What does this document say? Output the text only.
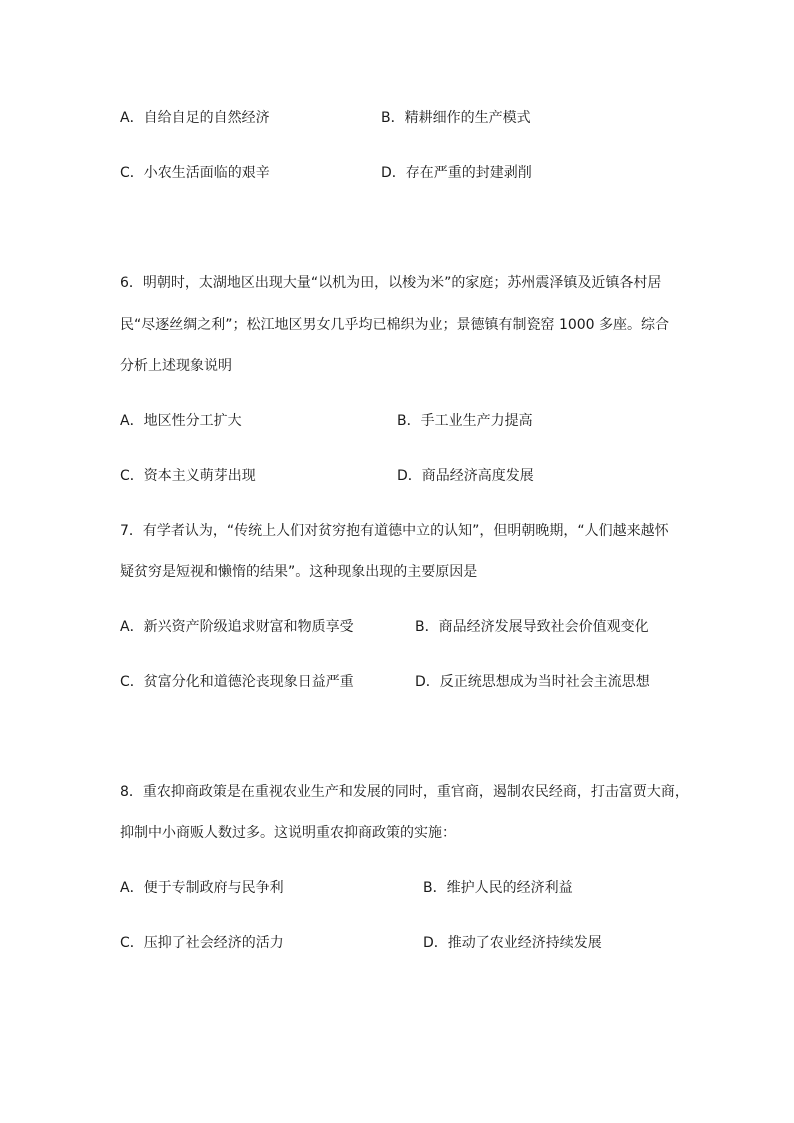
A．自给自足的自然经济	B．精耕细作的生产模式
C．小农生活面临的艰辛	D．存在严重的封建剥削
6．明朝时，太湖地区出现大量“以机为田，以梭为米”的家庭；苏州震泽镇及近镇各村居
民“尽逐丝绸之利”；松江地区男女几乎均已棉织为业；景德镇有制瓷窑 1000 多座。综合
分析上述现象说明
A．地区性分工扩大	B．手工业生产力提高
C．资本主义萌芽出现	D．商品经济高度发展
7．有学者认为，“传统上人们对贫穷抱有道德中立的认知”，但明朝晚期，“人们越来越怀
疑贫穷是短视和懒惰的结果”。这种现象出现的主要原因是
A．新兴资产阶级追求财富和物质享受	B．商品经济发展导致社会价值观变化
C．贫富分化和道德沦丧现象日益严重	D．反正统思想成为当时社会主流思想
8．重农抑商政策是在重视农业生产和发展的同时，重官商，遏制农民经商，打击富贾大商，
抑制中小商贩人数过多。这说明重农抑商政策的实施：
A．便于专制政府与民争利	B．维护人民的经济利益
C．压抑了社会经济的活力	D．推动了农业经济持续发展
